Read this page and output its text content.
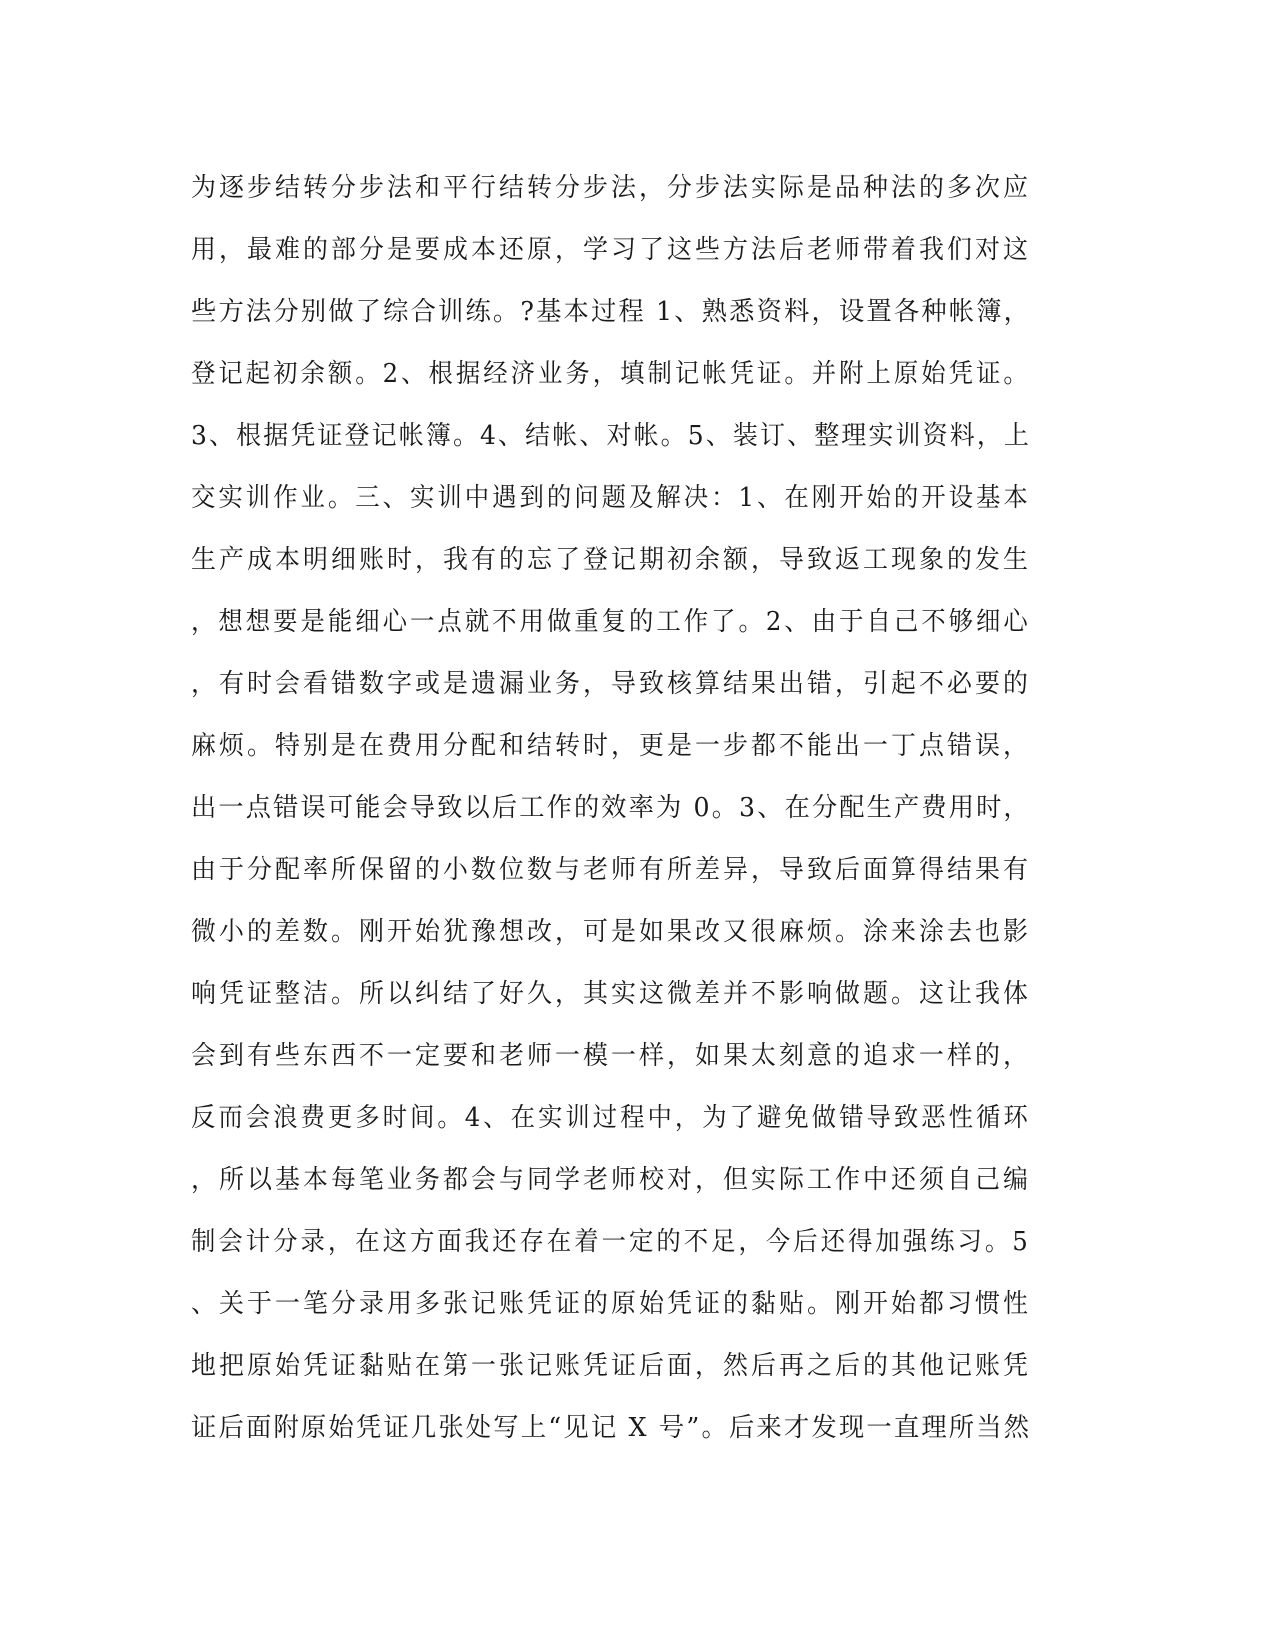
为逐步结转分步法和平行结转分步法，分步法实际是品种法的多次应
用，最难的部分是要成本还原，学习了这些方法后老师带着我们对这
些方法分别做了综合训练。?基本过程 1、熟悉资料，设置各种帐簿，
登记起初余额。2、根据经济业务，填制记帐凭证。并附上原始凭证。
3、根据凭证登记帐簿。4、结帐、对帐。5、装订、整理实训资料，上
交实训作业。三、实训中遇到的问题及解决：1、在刚开始的开设基本
生产成本明细账时，我有的忘了登记期初余额，导致返工现象的发生
，想想要是能细心一点就不用做重复的工作了。2、由于自己不够细心
，有时会看错数字或是遗漏业务，导致核算结果出错，引起不必要的
麻烦。特别是在费用分配和结转时，更是一步都不能出一丁点错误，
出一点错误可能会导致以后工作的效率为 0。3、在分配生产费用时，
由于分配率所保留的小数位数与老师有所差异，导致后面算得结果有
微小的差数。刚开始犹豫想改，可是如果改又很麻烦。涂来涂去也影
响凭证整洁。所以纠结了好久，其实这微差并不影响做题。这让我体
会到有些东西不一定要和老师一模一样，如果太刻意的追求一样的，
反而会浪费更多时间。4、在实训过程中，为了避免做错导致恶性循环
，所以基本每笔业务都会与同学老师校对，但实际工作中还须自己编
制会计分录，在这方面我还存在着一定的不足，今后还得加强练习。5
、关于一笔分录用多张记账凭证的原始凭证的黏贴。刚开始都习惯性
地把原始凭证黏贴在第一张记账凭证后面，然后再之后的其他记账凭
证后面附原始凭证几张处写上“见记 X 号”。后来才发现一直理所当然
